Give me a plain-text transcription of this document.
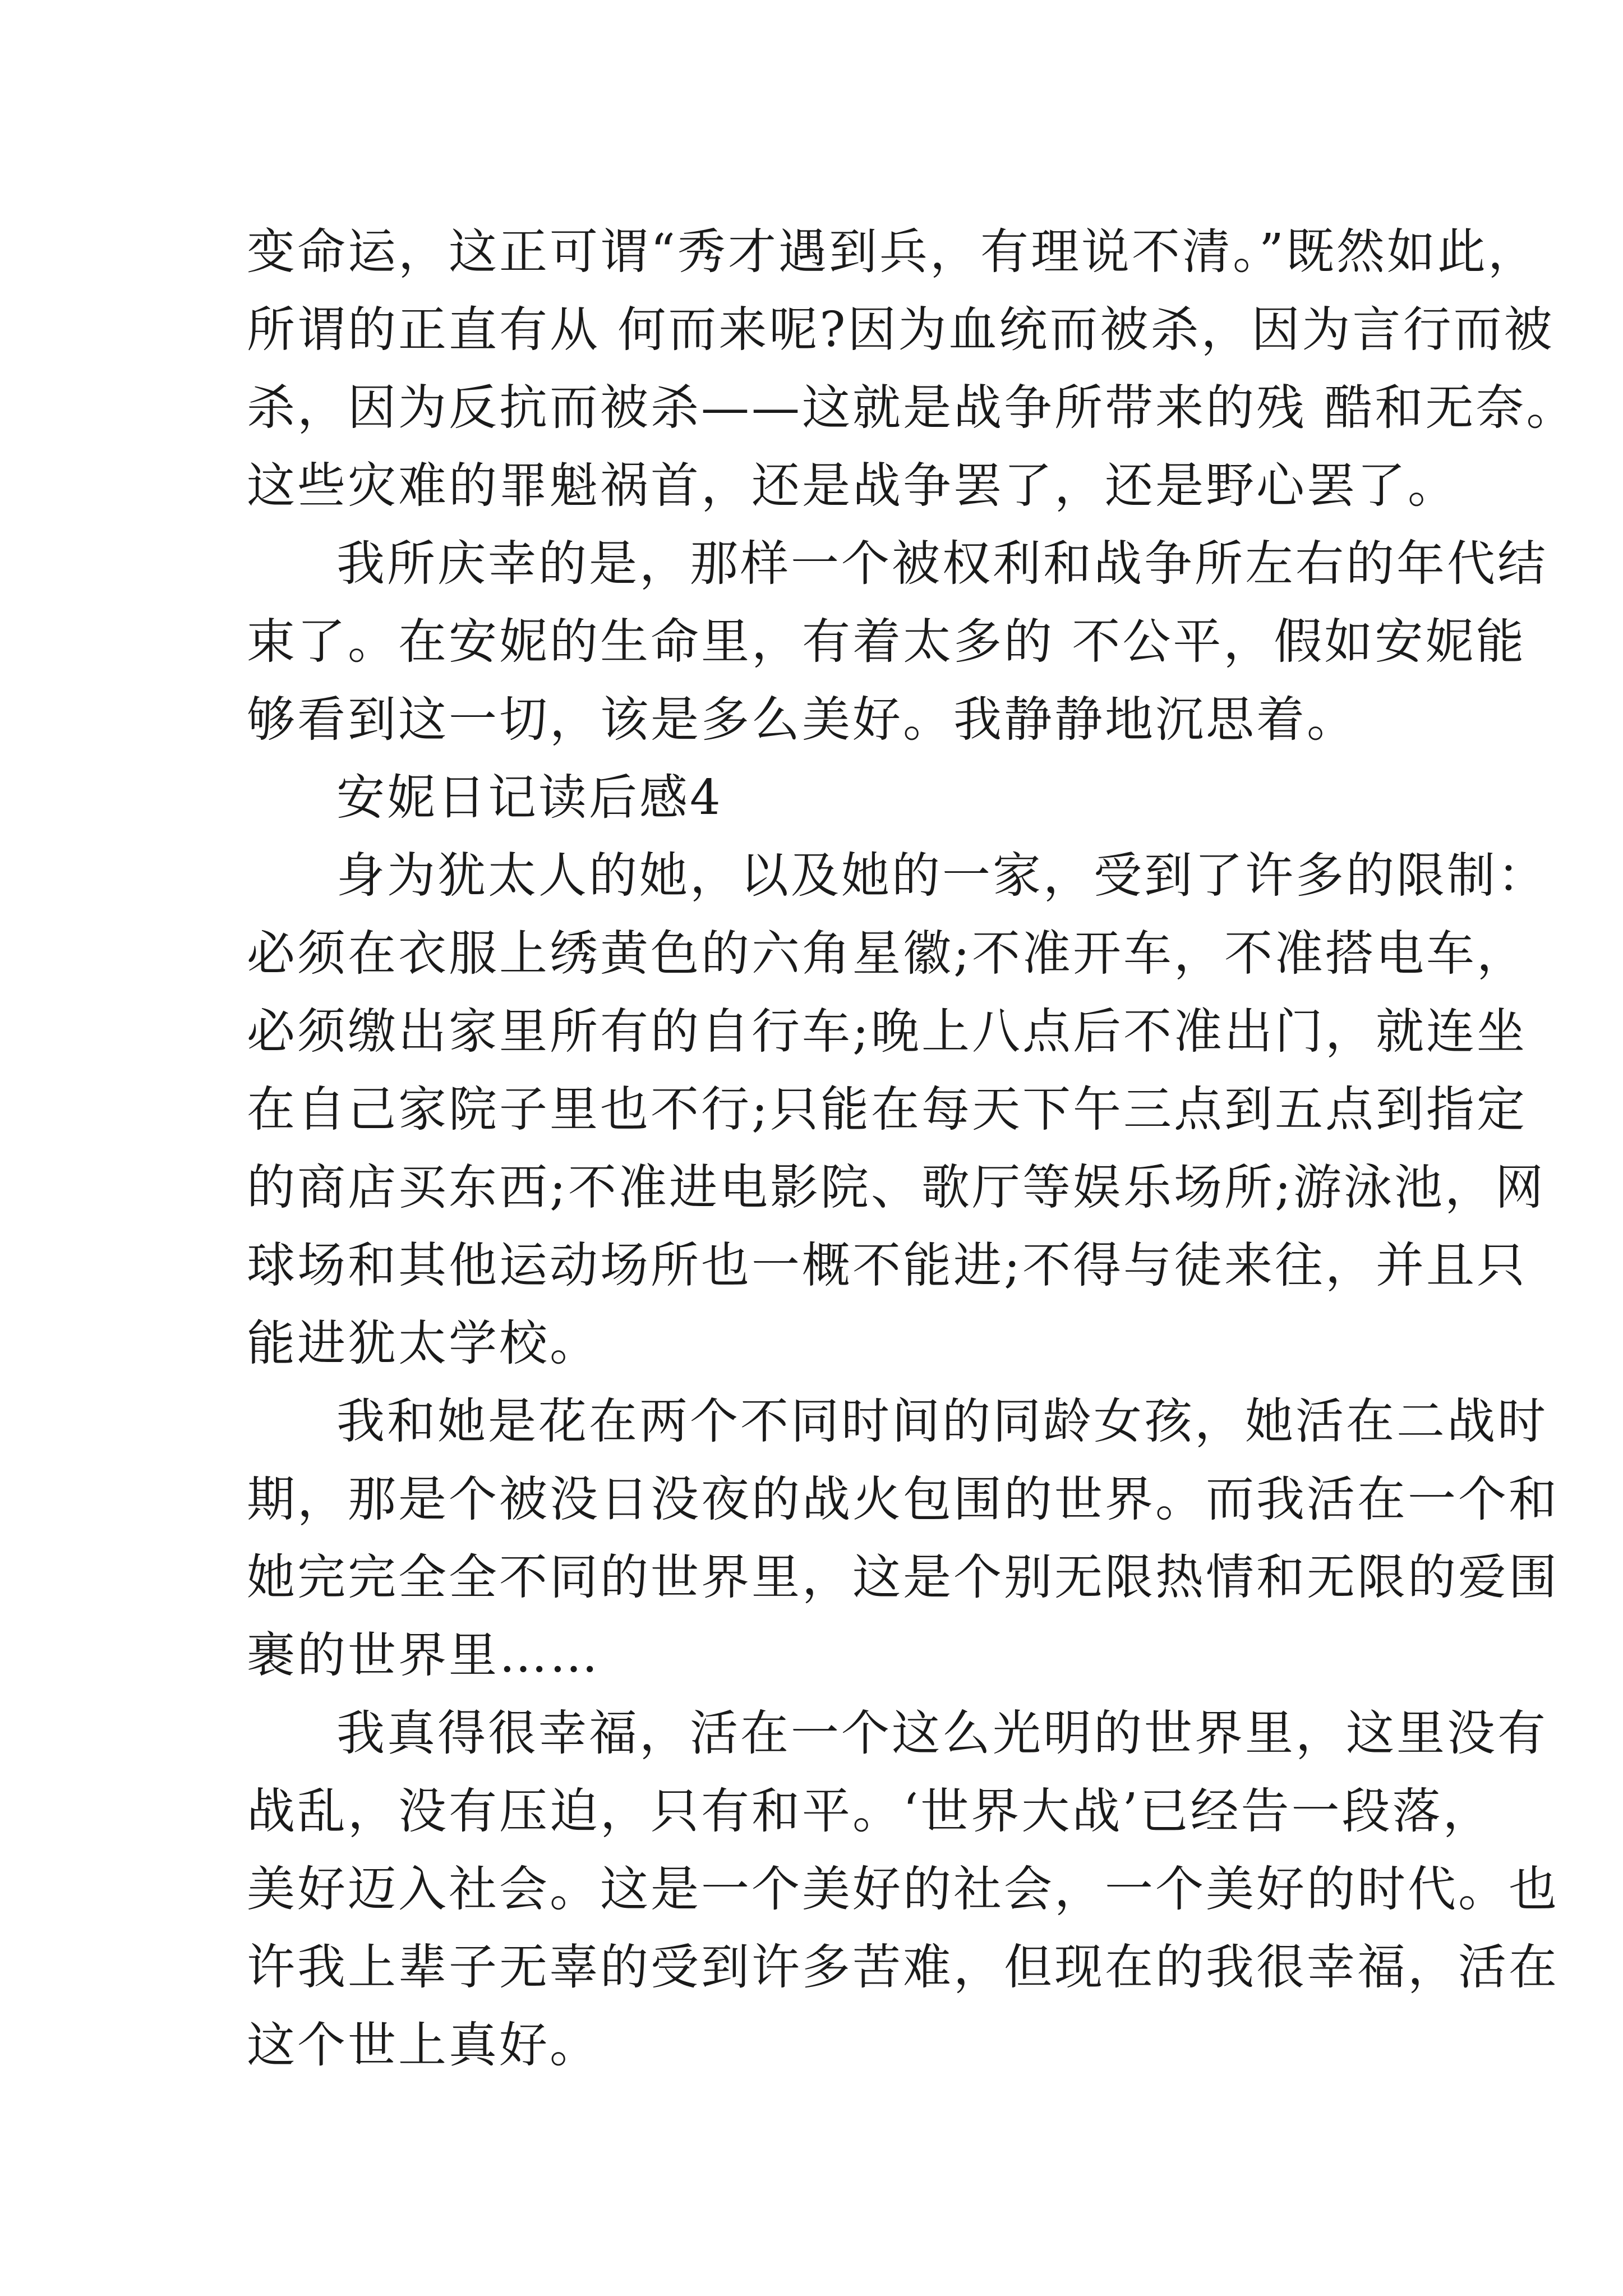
变命运，这正可谓“秀才遇到兵，有理说不清。”既然如此，
所谓的正直有从 何而来呢?因为血统而被杀，因为言行而被
杀，因为反抗而被杀——这就是战争所带来的残 酷和无奈。
这些灾难的罪魁祸首，还是战争罢了，还是野心罢了。
我所庆幸的是，那样一个被权利和战争所左右的年代结
束了。在安妮的生命里，有着太多的 不公平，假如安妮能
够看到这一切，该是多么美好。我静静地沉思着。
安妮日记读后感4
身为犹太人的她，以及她的一家，受到了许多的限制：
必须在衣服上绣黄色的六角星徽;不准开车，不准搭电车，
必须缴出家里所有的自行车;晚上八点后不准出门，就连坐
在自己家院子里也不行;只能在每天下午三点到五点到指定
的商店买东西;不准进电影院、歌厅等娱乐场所;游泳池，网
球场和其他运动场所也一概不能进;不得与徒来往，并且只
能进犹太学校。
我和她是花在两个不同时间的同龄女孩，她活在二战时
期，那是个被没日没夜的战火包围的世界。而我活在一个和
她完完全全不同的世界里，这是个别无限热情和无限的爱围
裹的世界里……
我真得很幸福，活在一个这么光明的世界里，这里没有
战乱，没有压迫，只有和平。‘世界大战’已经告一段落，
美好迈入社会。这是一个美好的社会，一个美好的时代。也
许我上辈子无辜的受到许多苦难，但现在的我很幸福，活在
这个世上真好。
